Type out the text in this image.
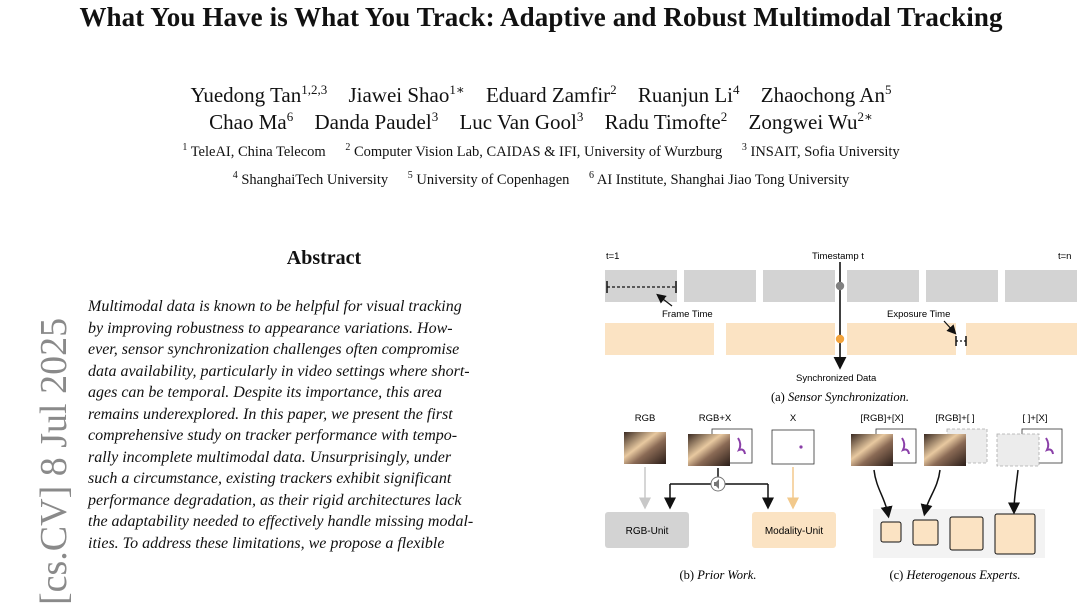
What You Have is What You Track: Adaptive and Robust Multimodal Tracking
Yuedong Tan$^{1,2,3}$ Jiawei Shao$^{1∗}$ Eduard Zamfir$^2$ Ruanjun Li$^4$ Zhaochong An$^5$
Chao Ma$^6$ Danda Paudel$^3$ Luc Van Gool$^3$ Radu Timofte$^2$ Zongwei $Wu^{2∗}$
$^1$ TeleAI, China Telecom $^2$ Computer Vision Lab, CAIDAS & IFI, University of Wurzburg $^3$ INSAIT, Sofia University
$^4$ ShanghaiTech University $^5$ University of Copenhagen $^6$ AI Institute, Shanghai Jiao Tong University
[cs.CV] 8 Jul 2025
Abstract
Multimodal data is known to be helpful for visual tracking
by improving robustness to appearance variations. How-
ever, sensor synchronization challenges often compromise
data availability, particularly in video settings where short-
ages can be temporal. Despite its importance, this area
remains underexplored. In this paper, we present the first
comprehensive study on tracker performance with tempo-
rally incomplete multimodal data. Unsurprisingly, under
such a circumstance, existing trackers exhibit significant
performance degradation, as their rigid architectures lack
the adaptability needed to effectively handle missing modal-
ities. To address these limitations, we propose a flexible
t=1	Timestamp t	t=n
Frame Time	Exposure Time
Synchronized Data
(a) Sensor Synchronization.
RGB	RGB+X	X
RGB-Unit	Modality-Unit
(b) Prior Work.
[RGB]+[X]	[RGB]+[ ]	[ ]+[X]
(c) Heterogenous Experts.
